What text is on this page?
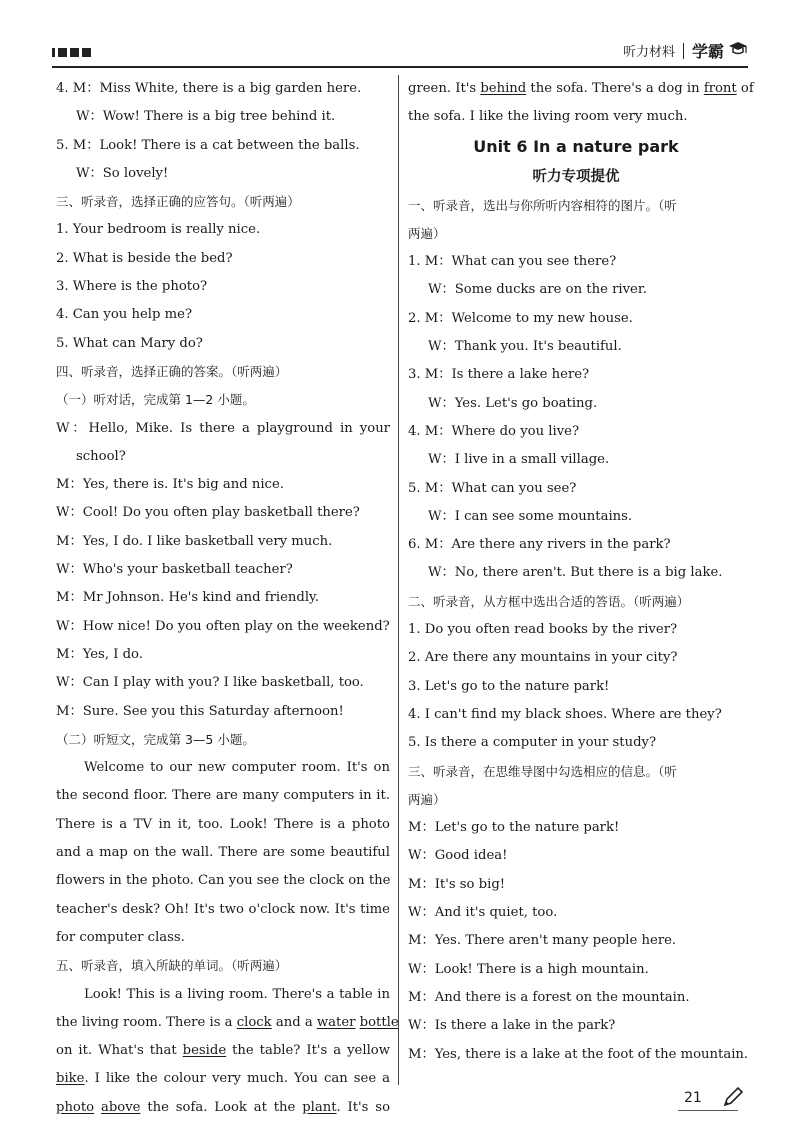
听力材料 学霸
4. M：Miss White, there is a big garden here.
W：Wow! There is a big tree behind it.
5. M：Look! There is a cat between the balls.
W：So lovely!
三、听录音，选择正确的应答句。（听两遍）
1. Your bedroom is really nice.
2. What is beside the bed?
3. Where is the photo?
4. Can you help me?
5. What can Mary do?
四、听录音，选择正确的答案。（听两遍）
（一）听对话，完成第 1—2 小题。
W：Hello, Mike. Is there a playground in your
school?
M：Yes, there is. It's big and nice.
W：Cool! Do you often play basketball there?
M：Yes, I do. I like basketball very much.
W：Who's your basketball teacher?
M：Mr Johnson. He's kind and friendly.
W：How nice! Do you often play on the weekend?
M：Yes, I do.
W：Can I play with you? I like basketball, too.
M：Sure. See you this Saturday afternoon!
（二）听短文，完成第 3—5 小题。
Welcome to our new computer room. It's on
the second floor. There are many computers in it.
There is a TV in it, too. Look! There is a photo
and a map on the wall. There are some beautiful
flowers in the photo. Can you see the clock on the
teacher's desk? Oh! It's two o'clock now. It's time
for computer class.
五、听录音，填入所缺的单词。（听两遍）
Look! This is a living room. There's a table in
the living room. There is a clock and a water bottle
on it. What's that beside the table? It's a yellow
bike. I like the colour very much. You can see a
photo above the sofa. Look at the plant. It's so
green. It's behind the sofa. There's a dog in front of
the sofa. I like the living room very much.
Unit 6 In a nature park
听力专项提优
一、听录音，选出与你所听内容相符的图片。（听
两遍）
1. M：What can you see there?
W：Some ducks are on the river.
2. M：Welcome to my new house.
W：Thank you. It's beautiful.
3. M：Is there a lake here?
W：Yes. Let's go boating.
4. M：Where do you live?
W：I live in a small village.
5. M：What can you see?
W：I can see some mountains.
6. M：Are there any rivers in the park?
W：No, there aren't. But there is a big lake.
二、听录音，从方框中选出合适的答语。（听两遍）
1. Do you often read books by the river?
2. Are there any mountains in your city?
3. Let's go to the nature park!
4. I can't find my black shoes. Where are they?
5. Is there a computer in your study?
三、听录音，在思维导图中勾选相应的信息。（听
两遍）
M：Let's go to the nature park!
W：Good idea!
M：It's so big!
W：And it's quiet, too.
M：Yes. There aren't many people here.
W：Look! There is a high mountain.
M：And there is a forest on the mountain.
W：Is there a lake in the park?
M：Yes, there is a lake at the foot of the mountain.
21
